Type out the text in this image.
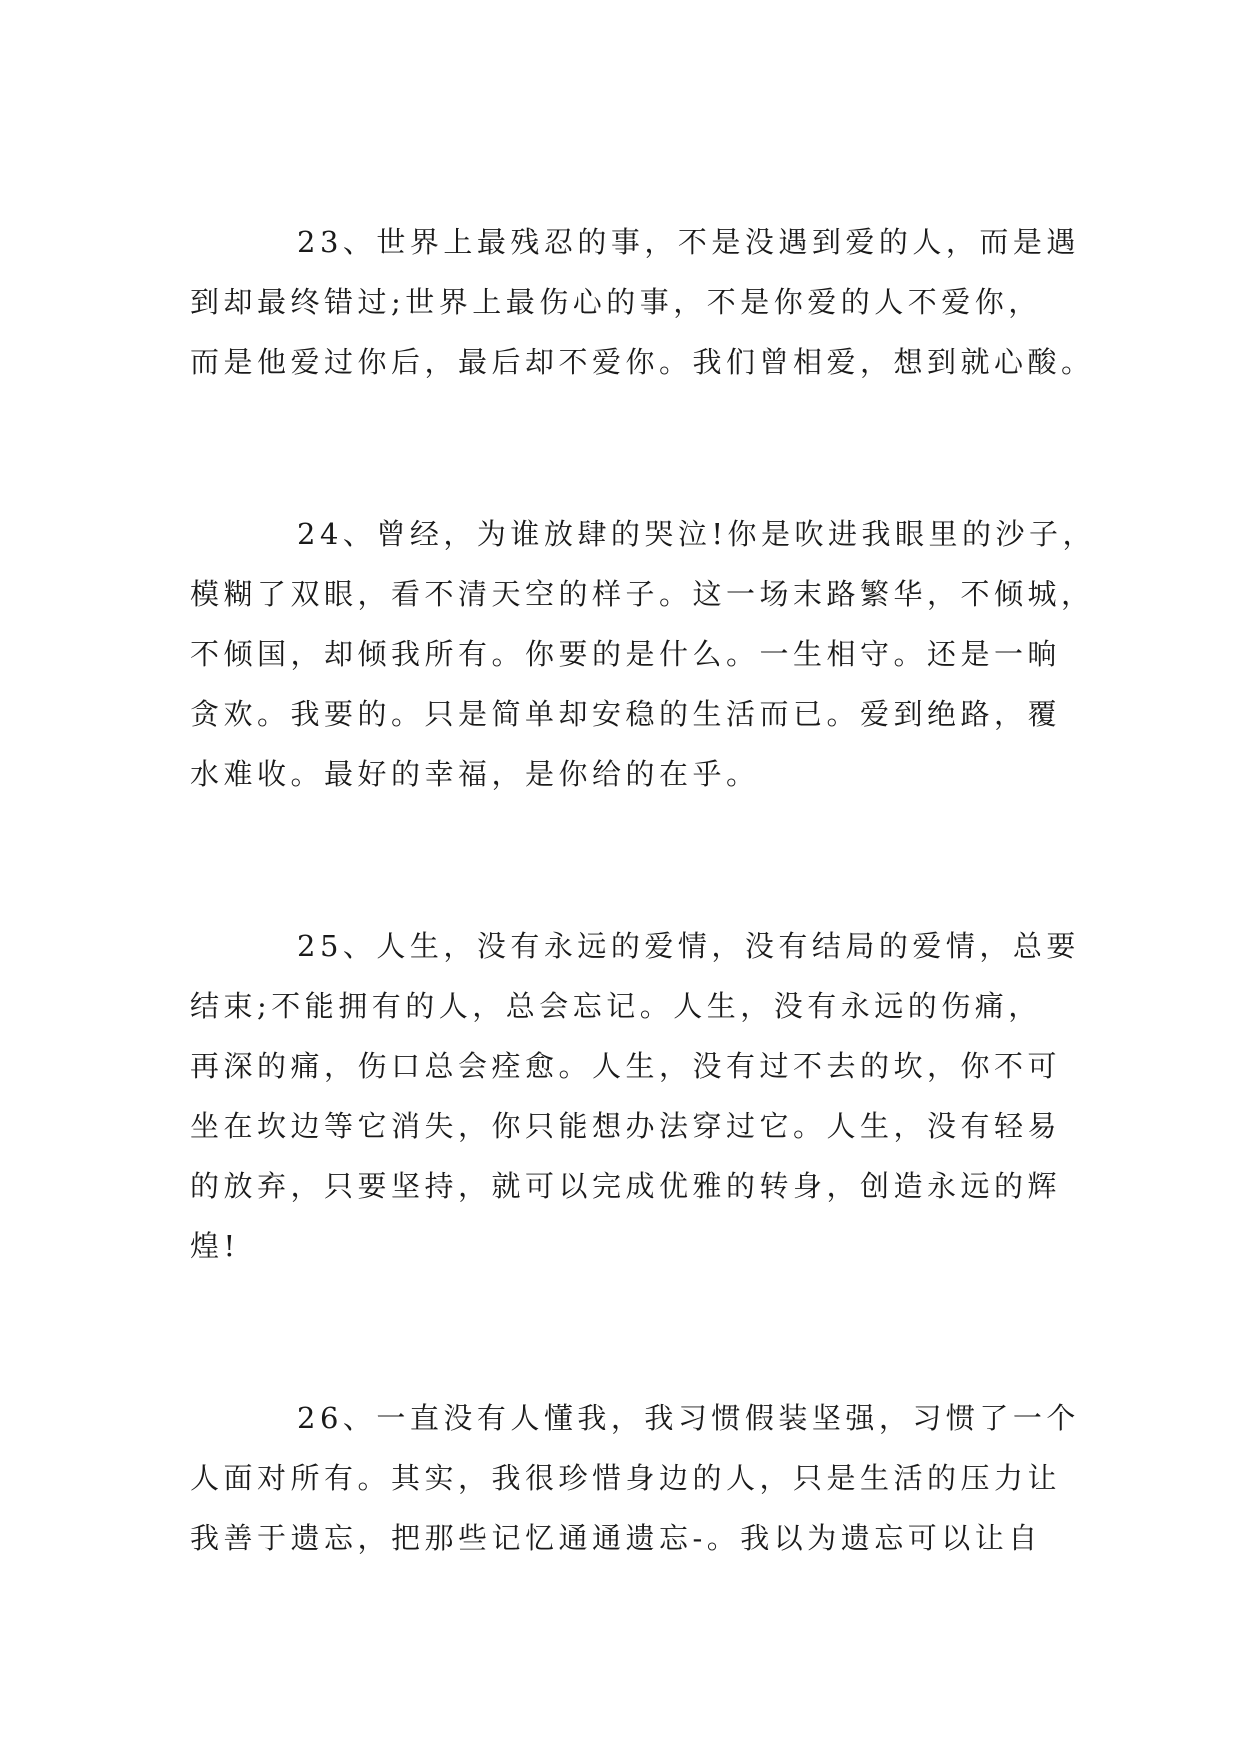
23、世界上最残忍的事，不是没遇到爱的人，而是遇
到却最终错过;世界上最伤心的事，不是你爱的人不爱你，
而是他爱过你后，最后却不爱你。我们曾相爱，想到就心酸。
24、曾经，为谁放肆的哭泣!你是吹进我眼里的沙子，
模糊了双眼，看不清天空的样子。这一场末路繁华，不倾城，
不倾国，却倾我所有。你要的是什么。一生相守。还是一晌
贪欢。我要的。只是简单却安稳的生活而已。爱到绝路，覆
水难收。最好的幸福，是你给的在乎。
25、人生，没有永远的爱情，没有结局的爱情，总要
结束;不能拥有的人，总会忘记。人生，没有永远的伤痛，
再深的痛，伤口总会痊愈。人生，没有过不去的坎，你不可
坐在坎边等它消失，你只能想办法穿过它。人生，没有轻易
的放弃，只要坚持，就可以完成优雅的转身，创造永远的辉
煌!
26、一直没有人懂我，我习惯假装坚强，习惯了一个
人面对所有。其实，我很珍惜身边的人，只是生活的压力让
我善于遗忘，把那些记忆通通遗忘-。我以为遗忘可以让自
